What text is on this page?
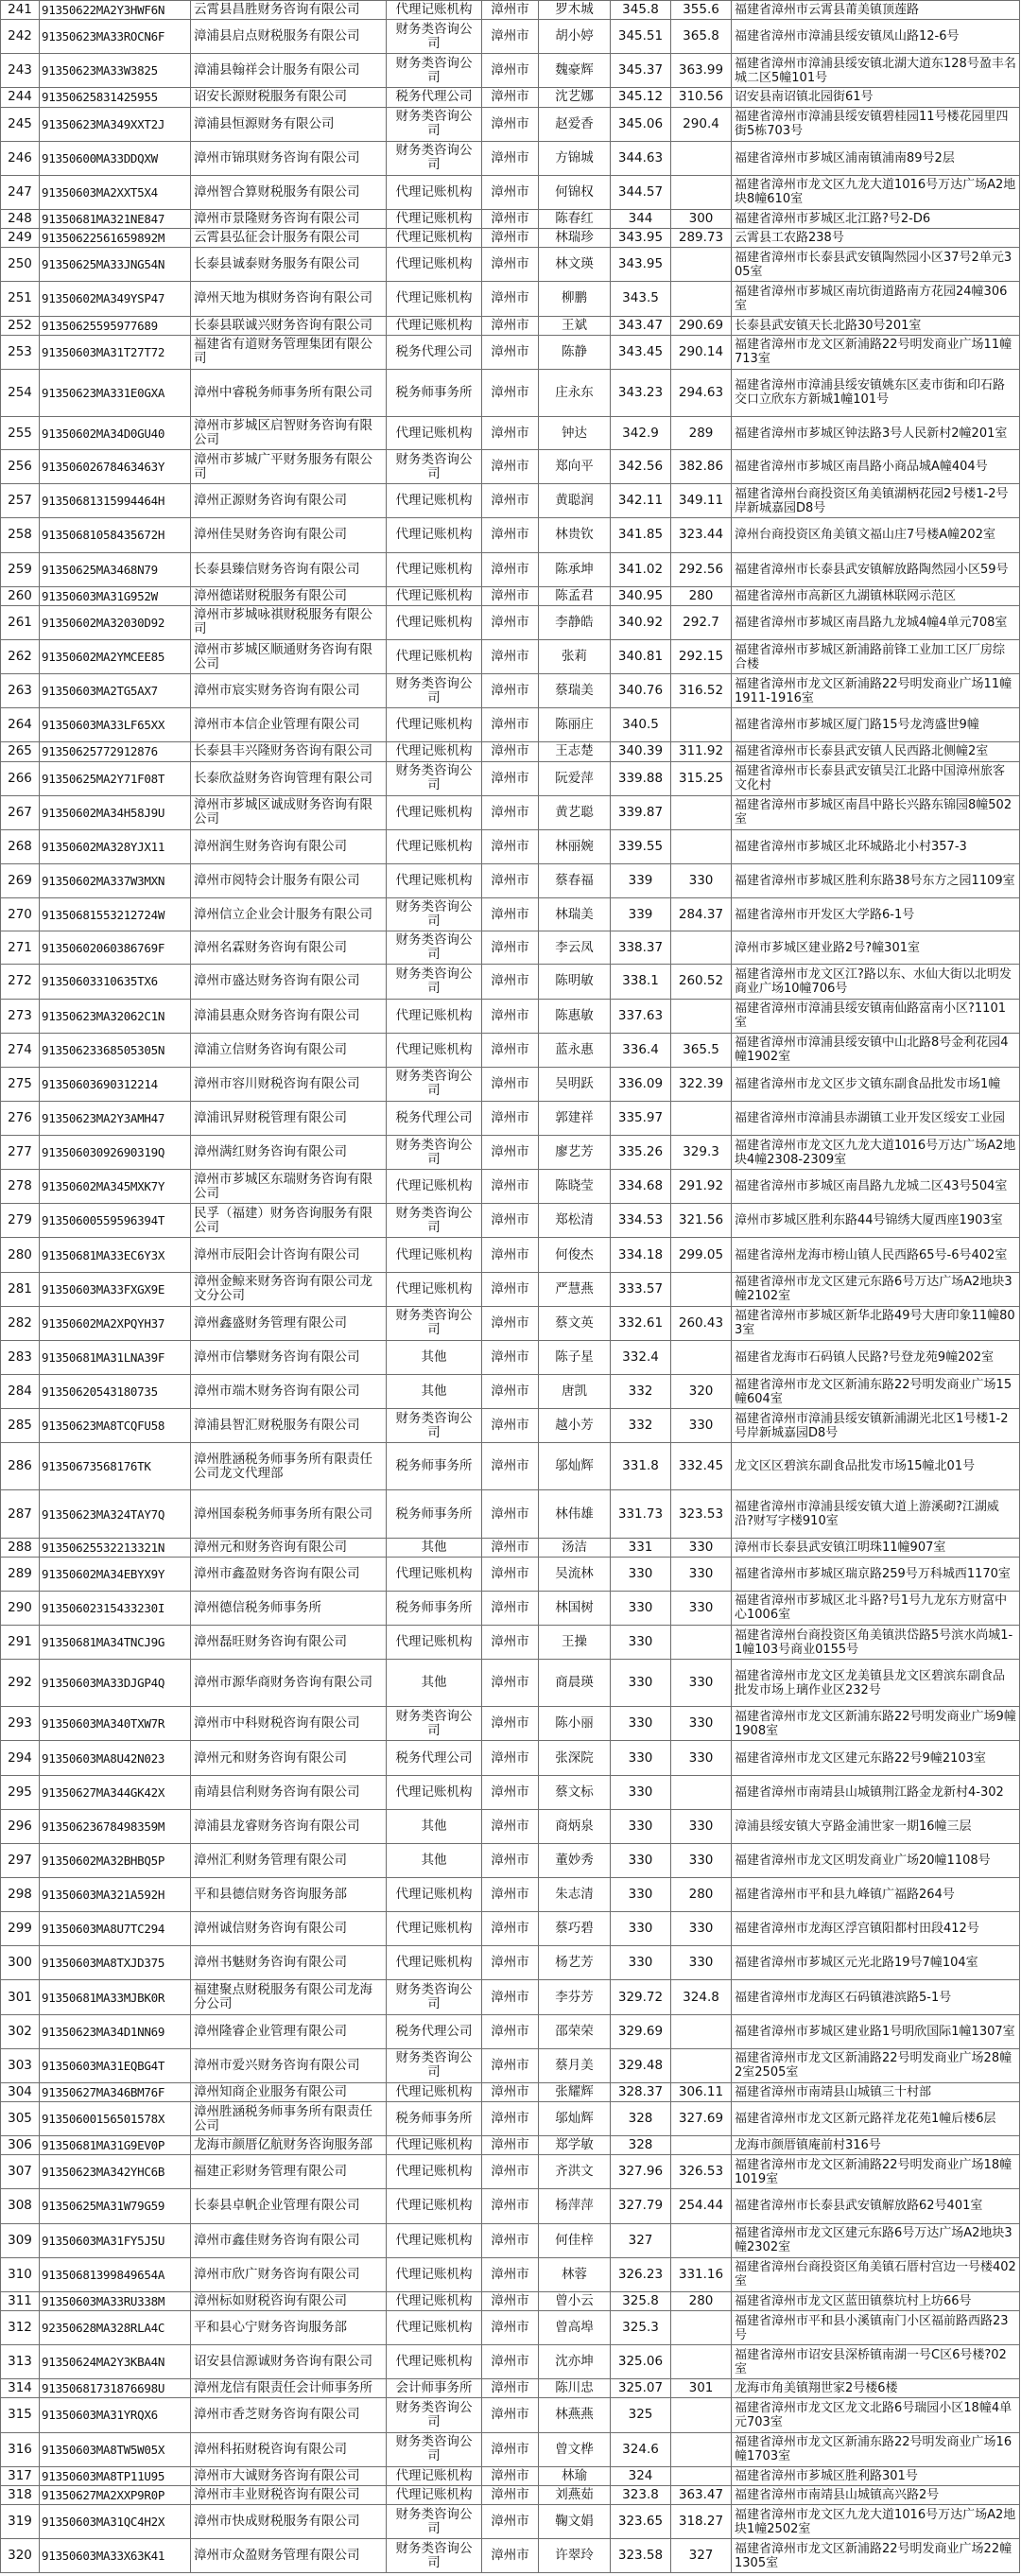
241	91350622MA2Y3HWF6N	云霄县昌胜财务咨询有限公司	代理记账机构	漳州市	罗木城	345.8	355.6	福建省漳州市云霄县莆美镇顶莲路
242	91350623MA33ROCN6F	漳浦县启点财税服务有限公司	财务类咨询公司	漳州市	胡小婷	345.51	365.8	福建省漳州市漳浦县绥安镇凤山路12-6号
243	91350623MA33W3825	漳浦县翰祥会计服务有限公司	财务类咨询公司	漳州市	魏豪辉	345.37	363.99	福建省漳州市漳浦县绥安镇北湖大道东128号盈丰名城二区5幢101号
244	91350625831425955	诏安长源财税服务有限公司	税务代理公司	漳州市	沈艺娜	345.12	310.56	诏安县南诏镇北园街61号
245	91350623MA349XXT2J	漳浦县恒源财务有限公司	财务类咨询公司	漳州市	赵爱香	345.06	290.4	福建省漳州市漳浦县绥安镇碧桂园11号楼花园里四街5栋703号
246	91350600MA33DDQXW	漳州市锦琪财务咨询有限公司	财务类咨询公司	漳州市	方锦城	344.63		福建省漳州市芗城区浦南镇浦南89号2层
247	91350603MA2XXT5X4	漳州智合算财税服务有限公司	代理记账机构	漳州市	何锦权	344.57		福建省漳州市龙文区九龙大道1016号万达广场A2地块8幢610室
248	91350681MA321NE847	漳州市景隆财务咨询有限公司	代理记账机构	漳州市	陈春红	344	300	福建省漳州市芗城区北江路?号2-D6
249	91350622561659892M	云霄县弘征会计服务有限公司	代理记账机构	漳州市	林瑞珍	343.95	289.73	云霄县工农路238号
250	91350625MA33JNG54N	长泰县诚泰财务服务有限公司	代理记账机构	漳州市	林文瑛	343.95		福建省漳州市长泰县武安镇陶然园小区37号2单元305室
251	91350602MA349YSP47	漳州天地为棋财务咨询有限公司	代理记账机构	漳州市	柳鹏	343.5		福建省漳州市芗城区南坑街道路南方花园24幢306室
252	91350625595977689	长泰县联诚兴财务咨询有限公司	代理记账机构	漳州市	王斌	343.47	290.69	长泰县武安镇天长北路30号201室
253	91350603MA31T27T72	福建省有道财务管理集团有限公司	税务代理公司	漳州市	陈静	343.45	290.14	福建省漳州市龙文区新浦路22号明发商业广场11幢713室
254	91350623MA331E0GXA	漳州中睿税务师事务所有限公司	税务师事务所	漳州市	庄永东	343.23	294.63	福建省漳州市漳浦县绥安镇姚东区麦市街和印石路交口立欣东方新城1幢101号
255	91350602MA34D0GU40	漳州市芗城区启智财务咨询有限公司	代理记账机构	漳州市	钟达	342.9	289	福建省漳州市芗城区钟法路3号人民新村2幢201室
256	91350602678463463Y	漳州市芗城广平财务服务有限公司	财务类咨询公司	漳州市	郑向平	342.56	382.86	福建省漳州市芗城区南昌路小商品城A幢404号
257	91350681315994464H	漳州正源财务咨询有限公司	代理记账机构	漳州市	黄聪润	342.11	349.11	福建省漳州台商投资区角美镇湖柄花园2号楼1-2号岸新城嘉园D8号
258	91350681058435672H	漳州佳昊财务咨询有限公司	代理记账机构	漳州市	林贵钦	341.85	323.44	漳州台商投资区角美镇文福山庄7号楼A幢202室
259	91350625MA3468N79	长泰县臻信财务咨询有限公司	代理记账机构	漳州市	陈承坤	341.02	292.56	福建省漳州市长泰县武安镇解放路陶然园小区59号
260	91350603MA31G952W	漳州德诺财税服务有限公司	代理记账机构	漳州市	陈孟君	340.95	280	福建省漳州市高新区九湖镇林联网示范区
261	91350602MA32030D92	漳州市芗城咏祺财税服务有限公司	代理记账机构	漳州市	李静皓	340.92	292.7	福建省漳州市芗城区南昌路九龙城4幢4单元708室
262	91350602MA2YMCEE85	漳州市芗城区顺通财务咨询有限公司	代理记账机构	漳州市	张莉	340.81	292.15	福建省漳州市芗城区新浦路前锋工业加工区厂房综合楼
263	91350603MA2TG5AX7	漳州市宸实财务咨询有限公司	财务类咨询公司	漳州市	蔡瑞美	340.76	316.52	福建省漳州市龙文区新浦路22号明发商业广场11幢1911-1916室
264	91350603MA33LF65XX	漳州市本信企业管理有限公司	代理记账机构	漳州市	陈丽庄	340.5		福建省漳州市芗城区厦门路15号龙湾盛世9幢
265	91350625772912876	长泰县丰兴隆财务咨询有限公司	代理记账机构	漳州市	王志楚	340.39	311.92	福建省漳州市长泰县武安镇人民西路北侧幢2室
266	91350625MA2Y71F08T	长泰欣益财务咨询管理有限公司	财务类咨询公司	漳州市	阮爱萍	339.88	315.25	福建省漳州市长泰县武安镇吴江北路中国漳州旅客文化村
267	91350602MA34H58J9U	漳州市芗城区诚成财务咨询有限公司	代理记账机构	漳州市	黄艺聪	339.87		福建省漳州市芗城区南昌中路长兴路东锦园8幢502室
268	91350602MA328YJX11	漳州润生财务咨询有限公司	代理记账机构	漳州市	林丽婉	339.55		福建省漳州市芗城区北环城路北小村357-3
269	91350602MA337W3MXN	漳州市阅特会计服务有限公司	代理记账机构	漳州市	蔡春福	339	330	福建省漳州市芗城区胜利东路38号东方之园1109室
270	91350681553212724W	漳州信立企业会计服务有限公司	财务类咨询公司	漳州市	林瑞美	339	284.37	福建省漳州市开发区大学路6-1号
271	91350602060386769F	漳州名霖财务咨询有限公司	财务类咨询公司	漳州市	李云凤	338.37		漳州市芗城区建业路2号?幢301室
272	91350603310635TX6	漳州市盛达财务咨询有限公司	财务类咨询公司	漳州市	陈明敏	338.1	260.52	福建省漳州市龙文区江?路以东、水仙大街以北明发商业广场10幢706号
273	91350623MA32062C1N	漳浦县惠众财务咨询有限公司	代理记账机构	漳州市	陈惠敏	337.63		福建省漳州市漳浦县绥安镇南仙路富南小区?1101室
274	91350623368505305N	漳浦立信财务咨询有限公司	代理记账机构	漳州市	蓝永惠	336.4	365.5	福建省漳州市漳浦县绥安镇中山北路8号金利花园4幢1902室
275	91350603690312214	漳州市容川财税咨询有限公司	财务类咨询公司	漳州市	吴明跃	336.09	322.39	福建省漳州市龙文区步文镇东副食品批发市场1幢
276	91350623MA2Y3AMH47	漳浦讯昇财税管理有限公司	税务代理公司	漳州市	郭建祥	335.97		福建省漳州市漳浦县赤湖镇工业开发区绥安工业园
277	91350603092690319Q	漳州满红财务咨询有限公司	财务类咨询公司	漳州市	廖艺芳	335.26	329.3	福建省漳州市龙文区九龙大道1016号万达广场A2地块4幢2308-2309室
278	91350602MA345MXK7Y	漳州市芗城区东瑞财务咨询有限公司	代理记账机构	漳州市	陈晓莹	334.68	291.92	福建省漳州市芗城区南昌路九龙城二区43号504室
279	91350600559596394T	民孚（福建）财务咨询服务有限公司	财务类咨询公司	漳州市	郑松清	334.53	321.56	漳州市芗城区胜利东路44号锦绣大厦西座1903室
280	91350681MA33EC6Y3X	漳州市辰阳会计咨询有限公司	代理记账机构	漳州市	何俊杰	334.18	299.05	福建省漳州龙海市榜山镇人民西路65号-6号402室
281	91350603MA33FXGX9E	漳州金鲸来财务咨询有限公司龙文分公司	代理记账机构	漳州市	严慧燕	333.57		福建省漳州市龙文区建元东路6号万达广场A2地块3幢2102室
282	91350602MA2XPQYH37	漳州鑫盛财务管理有限公司	财务类咨询公司	漳州市	蔡文英	332.61	260.43	福建省漳州市芗城区新华北路49号大唐印象11幢803室
283	91350681MA31LNA39F	漳州市信攀财务咨询有限公司	其他	漳州市	陈子星	332.4		福建省龙海市石码镇人民路?号登龙苑9幢202室
284	91350620543180735	漳州市端木财务咨询有限公司	其他	漳州市	唐凯	332	320	福建省漳州市龙文区新浦东路22号明发商业广场15幢604室
285	91350623MA8TCQFU58	漳浦县智汇财税服务有限公司	财务类咨询公司	漳州市	越小芳	332	330	福建省漳州市漳浦县绥安镇新浦湖光北区1号楼1-2号岸新城嘉园D8号
286	91350673568176TK	漳州胜涵税务师事务所有限责任公司龙文代理部	税务师事务所	漳州市	邬灿辉	331.8	332.45	龙文区区碧滨东副食品批发市场15幢北01号
287	91350623MA324TAY7Q	漳州国泰税务师事务所有限公司	税务师事务所	漳州市	林伟雄	331.73	323.53	福建省漳州市漳浦县绥安镇大道上游溪砌?江湖威沿?财写字楼910室
288	91350625532213321N	漳州元和财务咨询有限公司	其他	漳州市	汤洁	331	330	漳州市长泰县武安镇江明珠11幢907室
289	91350602MA34EBYX9Y	漳州市鑫盈财务咨询有限公司	代理记账机构	漳州市	吴流林	330	330	福建省漳州市芗城区瑞京路259号万科城西1170室
290	91350602315433230I	漳州德信税务师事务所	税务师事务所	漳州市	林国树	330	330	福建省漳州市芗城区北斗路?号1号九龙东方财富中心1006室
291	91350681MA34TNCJ9G	漳州磊旺财务咨询有限公司	代理记账机构	漳州市	王操	330		福建省漳州台商投资区角美镇洪岱路5号滨水尚城1-1幢103号商业0155号
292	91350603MA33DJGP4Q	漳州市源华商财务咨询有限公司	其他	漳州市	商晨瑛	330	330	福建省漳州市龙文区龙美镇县龙文区碧滨东副食品批发市场上璃作业区232号
293	91350603MA340TXW7R	漳州市中科财税咨询有限公司	财务类咨询公司	漳州市	陈小丽	330	330	福建省漳州市龙文区新浦东路22号明发商业广场9幢1908室
294	91350603MA8U42N023	漳州元和财务咨询有限公司	税务代理公司	漳州市	张深院	330	330	福建省漳州市龙文区建元东路22号9幢2103室
295	91350627MA344GK42X	南靖县信利财务咨询有限公司	代理记账机构	漳州市	蔡文标	330		福建省漳州市南靖县山城镇荆江路金龙新村4-302
296	91350623678498359M	漳浦县龙睿财务咨询有限公司	其他	漳州市	商炳泉	330	330	漳浦县绥安镇大亨路金浦世家一期16幢三层
297	91350602MA32BHBQ5P	漳州汇利财务管理有限公司	其他	漳州市	董妙秀	330	330	福建省漳州市龙文区明发商业广场20幢1108号
298	91350603MA321A592H	平和县德信财务咨询服务部	代理记账机构	漳州市	朱志清	330	280	福建省漳州市平和县九峰镇广福路264号
299	91350603MA8U7TC294	漳州诚信财务咨询有限公司	代理记账机构	漳州市	蔡巧碧	330	330	福建省漳州市龙海区浮宫镇阳都村田段412号
300	91350603MA8TXJD375	漳州书魅财务咨询有限公司	代理记账机构	漳州市	杨艺芳	330	330	福建省漳州市芗城区元光北路19号7幢104室
301	91350681MA33MJBK0R	福建聚点财税服务有限公司龙海分公司	财务类咨询公司	漳州市	李芬芳	329.72	324.8	福建省漳州市龙海区石码镇港滨路5-1号
302	91350623MA34D1NN69	漳州隆睿企业管理有限公司	税务代理公司	漳州市	邵荣荣	329.69		福建省漳州市芗城区建业路1号明欣国际1幢1307室
303	91350603MA31EQBG4T	漳州市爱兴财务咨询有限公司	财务类咨询公司	漳州市	蔡月美	329.48		福建省漳州市龙文区新浦路22号明发商业广场28幢2室2505室
304	91350627MA346BM76F	漳州知商企业服务有限公司	代理记账机构	漳州市	张耀辉	328.37	306.11	福建省漳州市南靖县山城镇三十村部
305	91350600156501578X	漳州胜涵税务师事务所有限责任公司	税务师事务所	漳州市	邬灿辉	328	327.69	福建省漳州市龙文区新元路祥龙花苑1幢后楼6层
306	91350681MA31G9EV0P	龙海市颜厝亿航财务咨询服务部	代理记账机构	漳州市	郑学敏	328		龙海市颜厝镇庵前村316号
307	91350623MA342YHC6B	福建正彩财务管理有限公司	代理记账机构	漳州市	齐洪文	327.96	326.53	福建省漳州市龙文区新浦路22号明发商业广场18幢1019室
308	91350625MA31W79G59	长泰县卓帆企业管理有限公司	代理记账机构	漳州市	杨萍萍	327.79	254.44	福建省漳州市长泰县武安镇解放路62号401室
309	91350603MA31FY5J5U	漳州市鑫佳财务咨询有限公司	代理记账机构	漳州市	何佳梓	327		福建省漳州市龙文区建元东路6号万达广场A2地块3幢2302室
310	91350681399849654A	漳州市欣广财务咨询有限公司	代理记账机构	漳州市	林蓉	326.23	331.16	福建省漳州台商投资区角美镇石厝村宫边一号楼402室
311	91350603MA33RU338M	漳州标如财税咨询有限公司	代理记账机构	漳州市	曾小云	325.8	280	福建省漳州市龙文区蓝田镇蔡坑村上坊66号
312	92350628MA328RLA4C	平和县心宁财务咨询服务部	代理记账机构	漳州市	曾高埠	325.3		福建省漳州市平和县小溪镇南门小区福前路西路23号
313	91350624MA2Y3KBA4N	诏安县信源诚财务咨询有限公司	代理记账机构	漳州市	沈亦坤	325.06		福建省漳州市诏安县深桥镇南湖一号C区6号楼?02室
314	91350681731876698U	漳州龙信有限责任会计师事务所	会计师事务所	漳州市	陈川忠	325.07	301	龙海市角美镇翔世家2号楼6楼
315	91350603MA31YRQX6	漳州市香芝财务咨询有限公司	财务类咨询公司	漳州市	林燕燕	325		福建省漳州市龙文区龙文北路6号瑞园小区18幢4单元703室
316	91350603MA8TW5W05X	漳州科拓财税咨询有限公司	财务类咨询公司	漳州市	曾文桦	324.6		福建省漳州市龙文区新浦东路22号明发商业广场16幢1703室
317	91350603MA8TP11U95	漳州市大诚财务咨询有限公司	代理记账机构	漳州市	林瑜	324		福建省漳州市芗城区胜利路301号
318	91350627MA2XXP9R0P	漳州市丰业财税咨询有限公司	代理记账机构	漳州市	刘燕茹	323.8	363.47	福建省漳州市南靖县山城镇高兴路2号
319	91350603MA31QC4H2X	漳州市快成财税服务有限公司	财务类咨询公司	漳州市	鞠文娟	323.65	318.27	福建省漳州市龙文区九龙大道1016号万达广场A2地块1幢2502室
320	91350603MA33X63K41	漳州市众盈财务管理有限公司	财务类咨询公司	漳州市	许翠玲	323.58	327	福建省漳州市龙文区新浦路22号明发商业广场22幢1305室
